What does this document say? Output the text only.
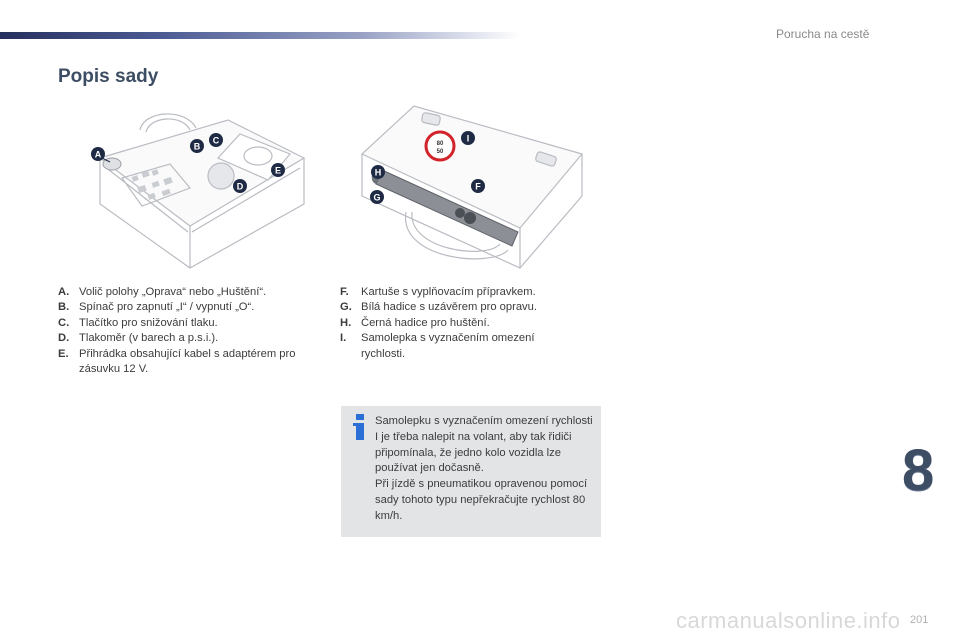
Porucha na cestě
Popis sady
A
B
C
D
E
80
50
I
H
F
G
A. Volič polohy „Oprava“ nebo „Huštění“.
B. Spínač pro zapnutí „I“ / vypnutí „O“.
C. Tlačítko pro snižování tlaku.
D. Tlakoměr (v barech a p.s.i.).
E. Přihrádka obsahující kabel s adaptérem pro zásuvku 12 V.
F.	Kartuše s vyplňovacím přípravkem.
G. Bílá hadice s uzávěrem pro opravu.
H. Černá hadice pro huštění.
I.	Samolepka s vyznačením omezení rychlosti.
Samolepku s vyznačením omezení rychlosti I je třeba nalepit na volant, aby tak řidiči připomínala, že jedno kolo vozidla lze používat jen dočasně.
Při jízdě s pneumatikou opravenou pomocí sady tohoto typu nepřekračujte rychlost 80 km/h.
8
carmanualsonline.info 201
